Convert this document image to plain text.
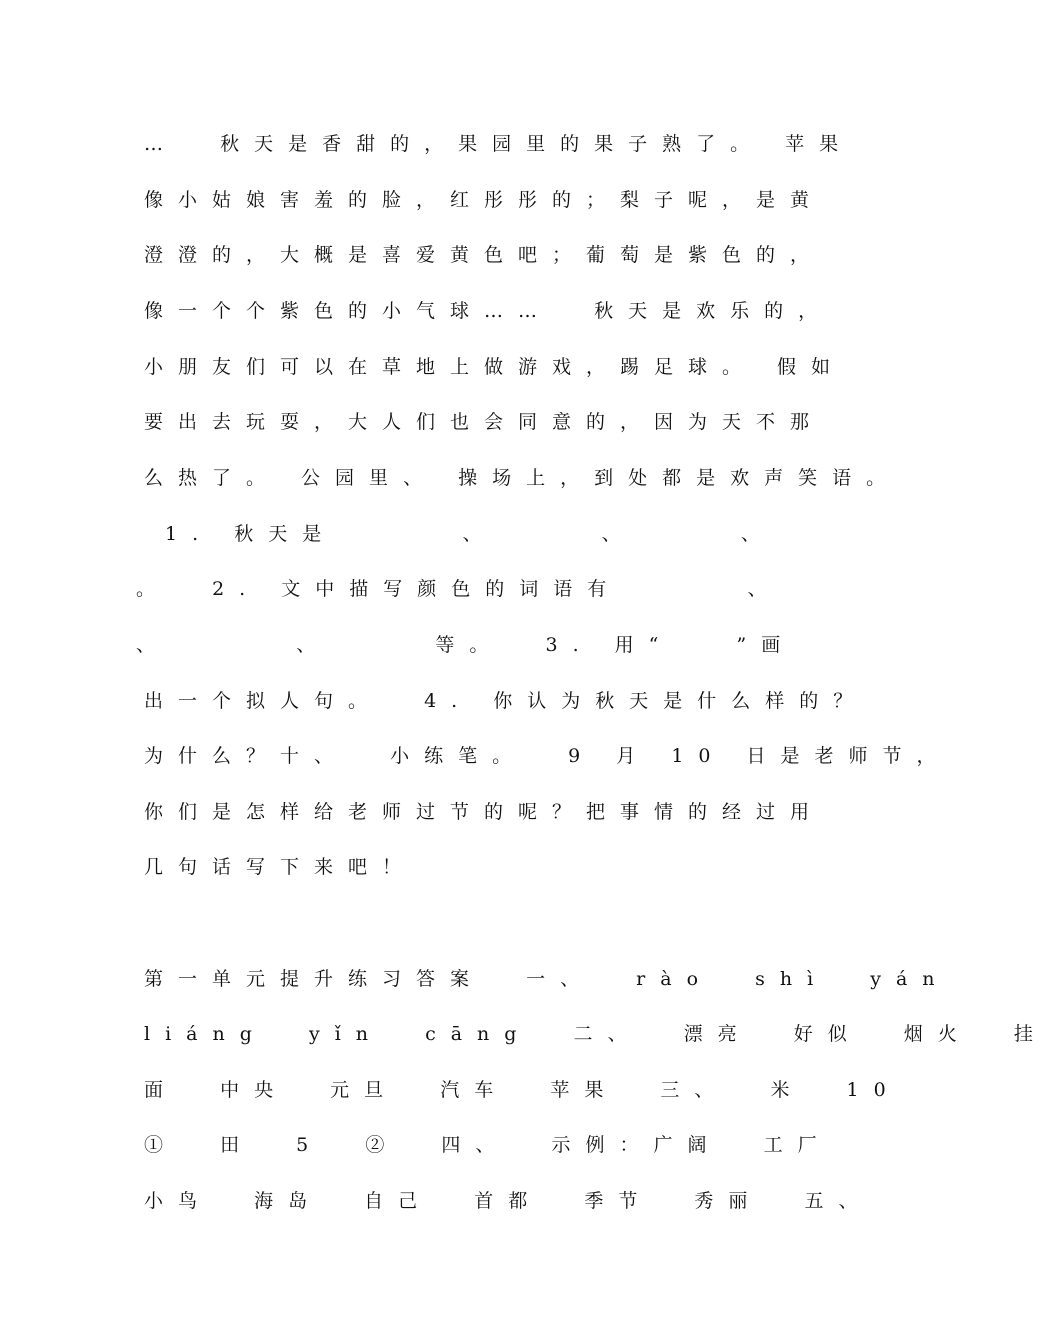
…  秋天是香甜的，果园里的果子熟了。 苹果
像小姑娘害羞的脸，红彤彤的；梨子呢，是黄
澄澄的，大概是喜爱黄色吧；葡萄是紫色的，
像一个个紫色的小气球……  秋天是欢乐的，
小朋友们可以在草地上做游戏，踢足球。 假如
要出去玩耍，大人们也会同意的，因为天不那
么热了。 公园里、 操场上，到处都是欢声笑语。
1. 秋天是      、     、     、
。  2. 文中描写颜色的词语有      、
、      、     等。  3. 用“   ”画
出一个拟人句。  4. 你认为秋天是什么样的？
为什么？十、  小练笔。  9 月 10 日是老师节，
你们是怎样给老师过节的呢？把事情的经过用
几句话写下来吧！
第一单元提升练习答案  一、  rào  shì  yán
liáng  yǐn  cāng  二、  漂亮  好似  烟火  挂
面  中央  元旦  汽车  苹果  三、  米  10
①  田  5  ②  四、  示例：广阔  工厂
小鸟  海岛  自己  首都  季节  秀丽  五、
